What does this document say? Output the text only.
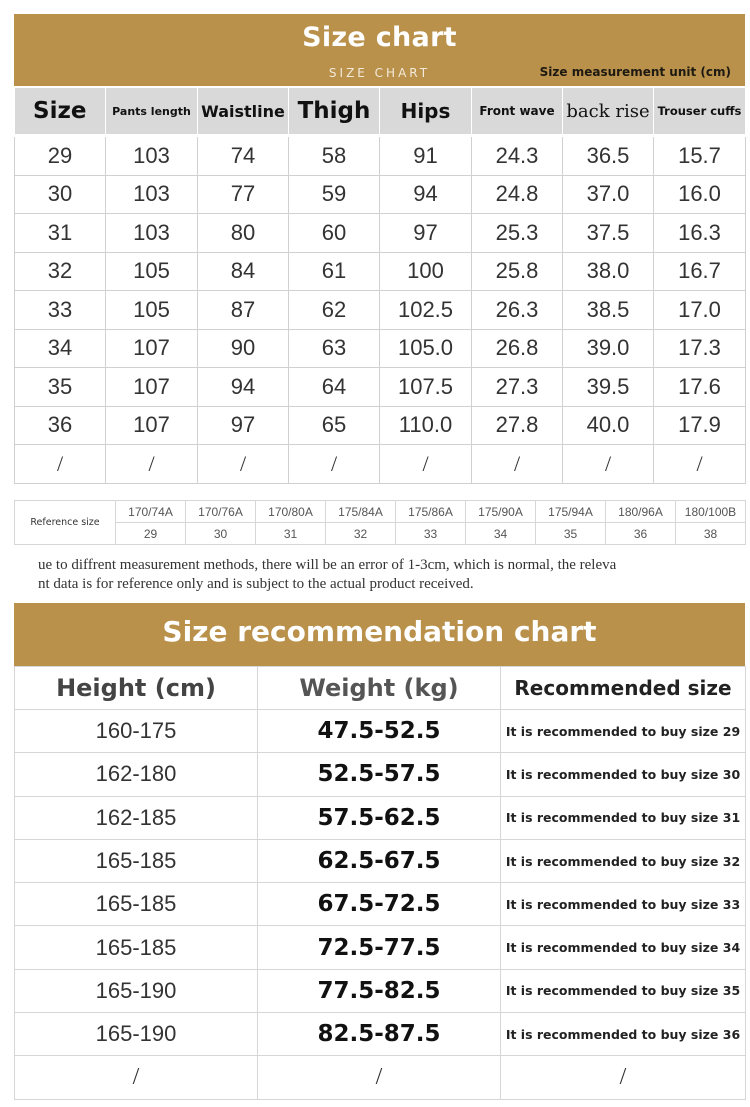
Size chart
SIZE CHART	Size measurement unit (cm)
Size	Pants length	Waistline	Thigh	Hips	Front wave	back rise	Trouser cuffs
29	103	74	58	91	24.3	36.5	15.7
30	103	77	59	94	24.8	37.0	16.0
31	103	80	60	97	25.3	37.5	16.3
32	105	84	61	100	25.8	38.0	16.7
33	105	87	62	102.5	26.3	38.5	17.0
34	107	90	63	105.0	26.8	39.0	17.3
35	107	94	64	107.5	27.3	39.5	17.6
36	107	97	65	110.0	27.8	40.0	17.9
/	/	/	/	/	/	/	/
Reference size	170/74A	170/76A	170/80A	175/84A	175/86A	175/90A	175/94A	180/96A	180/100B
	29	30	31	32	33	34	35	36	38
ue to diffrent measurement methods, there will be an error of 1-3cm, which is normal, the releva
nt data is for reference only and is subject to the actual product received.
Size recommendation chart
Height (cm)	Weight (kg)	Recommended size
160-175	47.5-52.5	It is recommended to buy size 29
162-180	52.5-57.5	It is recommended to buy size 30
162-185	57.5-62.5	It is recommended to buy size 31
165-185	62.5-67.5	It is recommended to buy size 32
165-185	67.5-72.5	It is recommended to buy size 33
165-185	72.5-77.5	It is recommended to buy size 34
165-190	77.5-82.5	It is recommended to buy size 35
165-190	82.5-87.5	It is recommended to buy size 36
/	/	/
